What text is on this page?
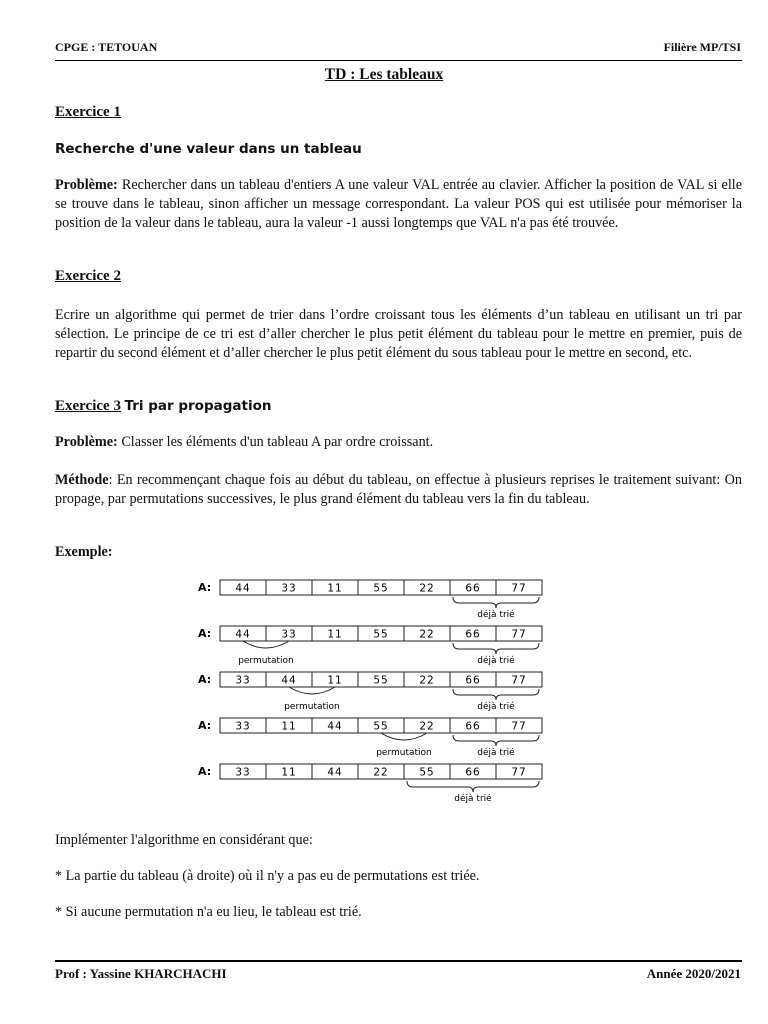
CPGE : TETOUAN	Filière MP/TSI
TD : Les tableaux
Exercice 1
Recherche d'une valeur dans un tableau
Problème: Rechercher dans un tableau d'entiers A une valeur VAL entrée au clavier. Afficher la position de VAL si elle se trouve dans le tableau, sinon afficher un message correspondant. La valeur POS qui est utilisée pour mémoriser la position de la valeur dans le tableau, aura la valeur -1 aussi longtemps que VAL n'a pas été trouvée.
Exercice 2
Ecrire un algorithme qui permet de trier dans l’ordre croissant tous les éléments d’un tableau en utilisant un tri par sélection. Le principe de ce tri est d’aller chercher le plus petit élément du tableau pour le mettre en premier, puis de repartir du second élément et d’aller chercher le plus petit élément du sous tableau pour le mettre en second, etc.
Exercice 3 Tri par propagation
Problème: Classer les éléments d'un tableau A par ordre croissant.
Méthode: En recommençant chaque fois au début du tableau, on effectue à plusieurs reprises le traitement suivant: On propage, par permutations successives, le plus grand élément du tableau vers la fin du tableau.
Exemple:
A: 44	33	11	55	22	66	77
déjà trié
A: 44	33	11	55	22	66	77
déjà trié
permutation
A: 33	44	11	55	22	66	77
déjà trié
permutation
A: 33	11	44	55	22	66	77
déjà trié
permutation
A: 33	11	44	22	55	66	77
déjà trié
Implémenter l'algorithme en considérant que:
* La partie du tableau (à droite) où il n'y a pas eu de permutations est triée.
* Si aucune permutation n'a eu lieu, le tableau est trié.
Prof : Yassine KHARCHACHI	Année 2020/2021
